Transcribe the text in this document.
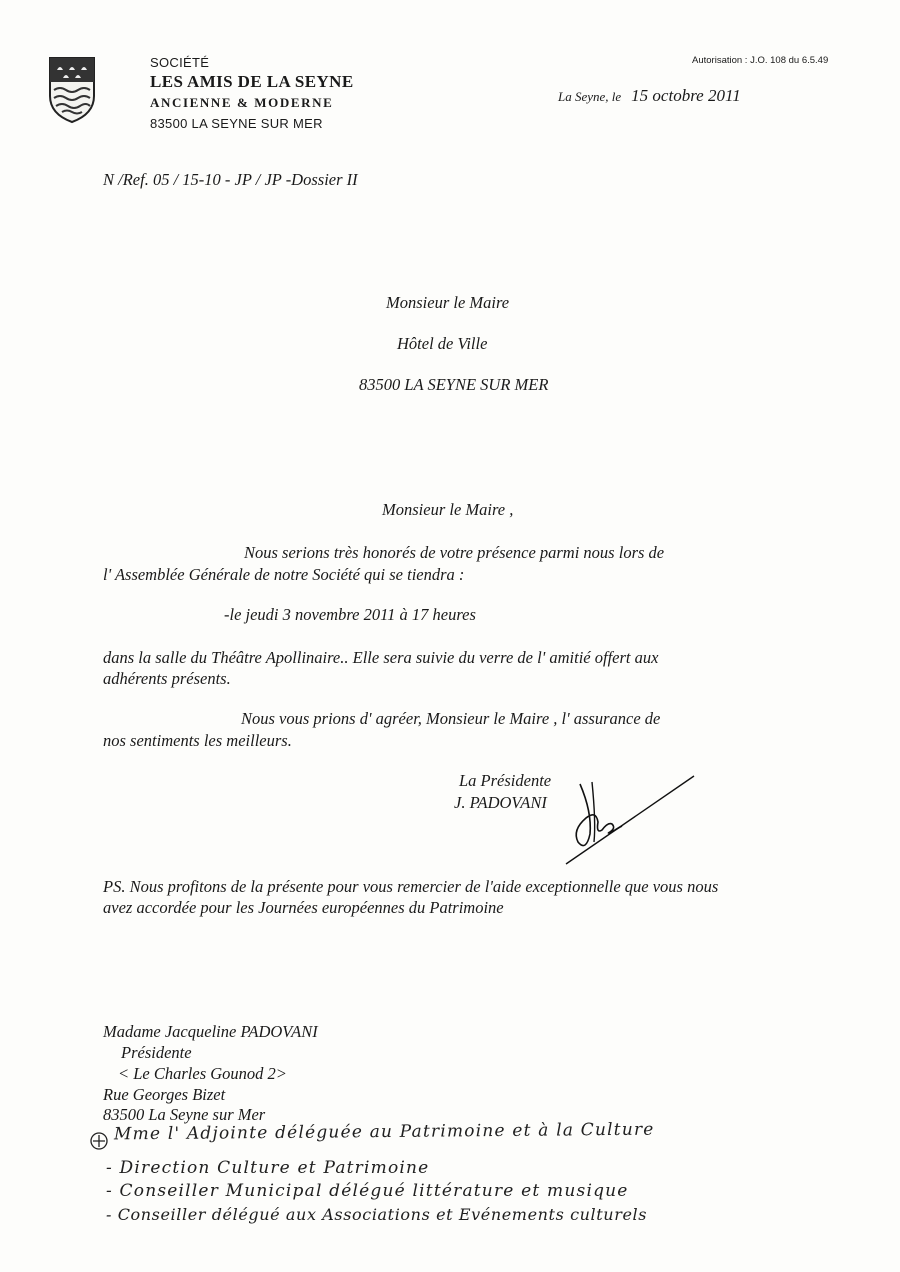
SOCIÉTÉ
LES AMIS DE LA SEYNE
ANCIENNE & MODERNE
83500 LA SEYNE SUR MER
Autorisation : J.O. 108 du 6.5.49
La Seyne, le 15 octobre 2011
N /Ref. 05 / 15-10 - JP / JP -Dossier II
Monsieur le Maire
Hôtel de Ville
83500 LA SEYNE SUR MER
Monsieur le Maire ,
Nous serions très honorés de votre présence parmi nous lors de
l' Assemblée Générale de notre Société qui se tiendra :
-le jeudi 3 novembre 2011 à 17 heures
dans la salle du Théâtre Apollinaire.. Elle sera suivie du verre de l' amitié offert aux
adhérents présents.
Nous vous prions d' agréer, Monsieur le Maire , l' assurance de
nos sentiments les meilleurs.
La Présidente
J. PADOVANI
PS. Nous profitons de la présente pour vous remercier de l'aide exceptionnelle que vous nous
avez accordée pour les Journées européennes du Patrimoine
Madame Jacqueline PADOVANI
Présidente
< Le Charles Gounod 2>
Rue Georges Bizet
83500 La Seyne sur Mer
Mme l' Adjointe déléguée au Patrimoine et à la Culture
- Direction Culture et Patrimoine
- Conseiller Municipal délégué littérature et musique
- Conseiller délégué aux Associations et Evénements culturels
